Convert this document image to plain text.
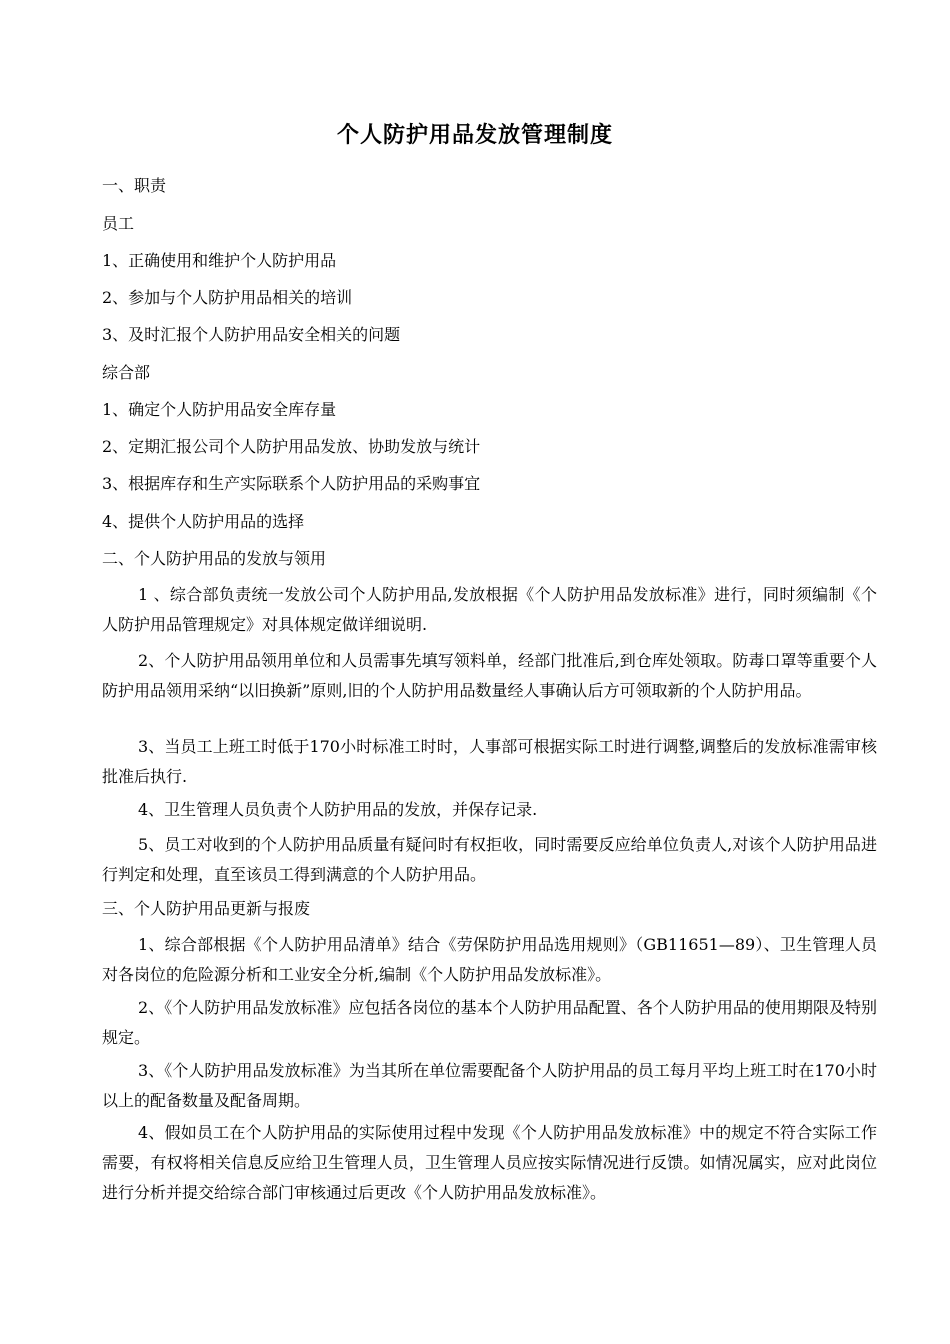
个人防护用品发放管理制度
一、职责
员工
1、正确使用和维护个人防护用品
2、参加与个人防护用品相关的培训
3、及时汇报个人防护用品安全相关的问题
综合部
1、确定个人防护用品安全库存量
2、定期汇报公司个人防护用品发放、协助发放与统计
3、根据库存和生产实际联系个人防护用品的采购事宜
4、提供个人防护用品的选择
二、个人防护用品的发放与领用

1 、综合部负责统一发放公司个人防护用品,发放根据《个人防护用品发放标准》进行，同时须编制《个人防护用品管理规定》对具体规定做详细说明.

2、个人防护用品领用单位和人员需事先填写领料单，经部门批准后,到仓库处领取。防毒口罩等重要个人防护用品领用采纳“以旧换新”原则,旧的个人防护用品数量经人事确认后方可领取新的个人防护用品。

3、当员工上班工时低于170小时标准工时时，人事部可根据实际工时进行调整,调整后的发放标准需审核批准后执行.

4、卫生管理人员负责个人防护用品的发放，并保存记录.

5、员工对收到的个人防护用品质量有疑问时有权拒收，同时需要反应给单位负责人,对该个人防护用品进行判定和处理，直至该员工得到满意的个人防护用品。

三、个人防护用品更新与报废

1、综合部根据《个人防护用品清单》结合《劳保防护用品选用规则》（GB11651—89）、卫生管理人员对各岗位的危险源分析和工业安全分析,编制《个人防护用品发放标准》。

2、《个人防护用品发放标准》应包括各岗位的基本个人防护用品配置、各个人防护用品的使用期限及特别规定。

3、《个人防护用品发放标准》为当其所在单位需要配备个人防护用品的员工每月平均上班工时在170小时以上的配备数量及配备周期。

4、假如员工在个人防护用品的实际使用过程中发现《个人防护用品发放标准》中的规定不符合实际工作需要，有权将相关信息反应给卫生管理人员，卫生管理人员应按实际情况进行反馈。如情况属实，应对此岗位进行分析并提交给综合部门审核通过后更改《个人防护用品发放标准》。
